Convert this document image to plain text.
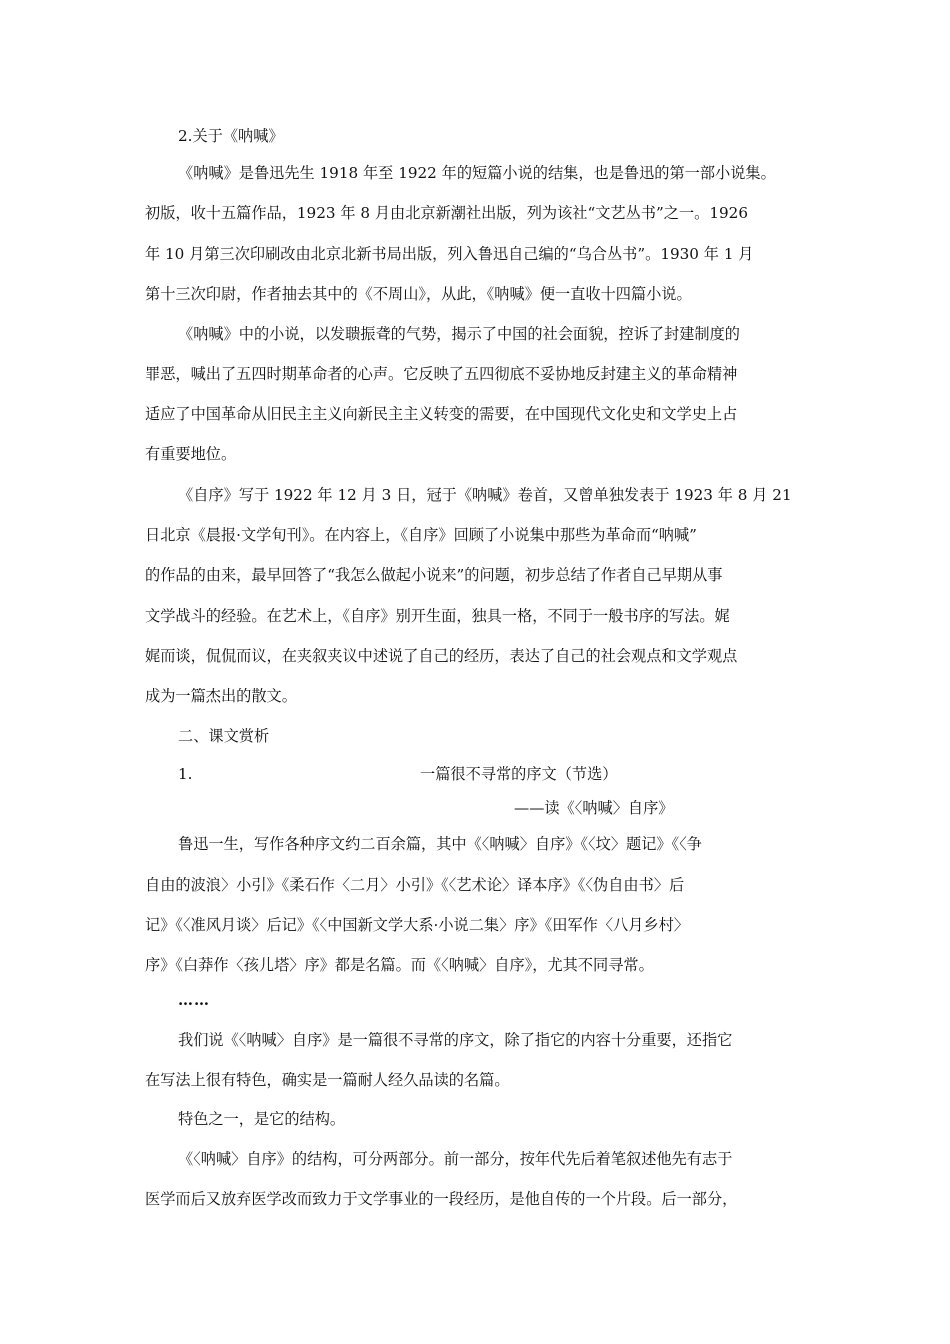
2.关于《呐喊》
《呐喊》是鲁迅先生 1918 年至 1922 年的短篇小说的结集，也是鲁迅的第一部小说集。
初版，收十五篇作品，1923 年 8 月由北京新潮社出版，列为该社“文艺丛书”之一。1926
年 10 月第三次印刷改由北京北新书局出版，列入鲁迅自己编的“乌合丛书”。1930 年 1 月
第十三次印尉，作者抽去其中的《不周山》，从此，《呐喊》便一直收十四篇小说。
《呐喊》中的小说，以发聩振聋的气势，揭示了中国的社会面貌，控诉了封建制度的
罪恶，喊出了五四时期革命者的心声。它反映了五四彻底不妥协地反封建主义的革命精神
适应了中国革命从旧民主主义向新民主主义转变的需要，在中国现代文化史和文学史上占
有重要地位。
《自序》写于 1922 年 12 月 3 日，冠于《呐喊》卷首，又曾单独发表于 1923 年 8 月 21
日北京《晨报·文学旬刊》。在内容上，《自序》回顾了小说集中那些为革命而“呐喊”
的作品的由来，最早回答了“我怎么做起小说来”的问题，初步总结了作者自己早期从事
文学战斗的经验。在艺术上，《自序》别开生面，独具一格，不同于一般书序的写法。娓
娓而谈，侃侃而议，在夹叙夹议中述说了自己的经历，表达了自己的社会观点和文学观点
成为一篇杰出的散文。
二、课文赏析
1.	一篇很不寻常的序文（节选）
——读《〈呐喊〉自序》
鲁迅一生，写作各种序文约二百余篇，其中《〈呐喊〉自序》《〈坟〉题记》《〈争
自由的波浪〉小引》《柔石作〈二月〉小引》《〈艺术论〉译本序》《〈伪自由书〉后
记》《〈准风月谈〉后记》《〈中国新文学大系·小说二集〉序》《田军作〈八月乡村〉
序》《白莽作〈孩儿塔〉序》都是名篇。而《〈呐喊〉自序》，尤其不同寻常。
……
我们说《〈呐喊〉自序》是一篇很不寻常的序文，除了指它的内容十分重要，还指它
在写法上很有特色，确实是一篇耐人经久品读的名篇。
特色之一，是它的结构。
《〈呐喊〉自序》的结构，可分两部分。前一部分，按年代先后着笔叙述他先有志于
医学而后又放弃医学改而致力于文学事业的一段经历，是他自传的一个片段。后一部分，
